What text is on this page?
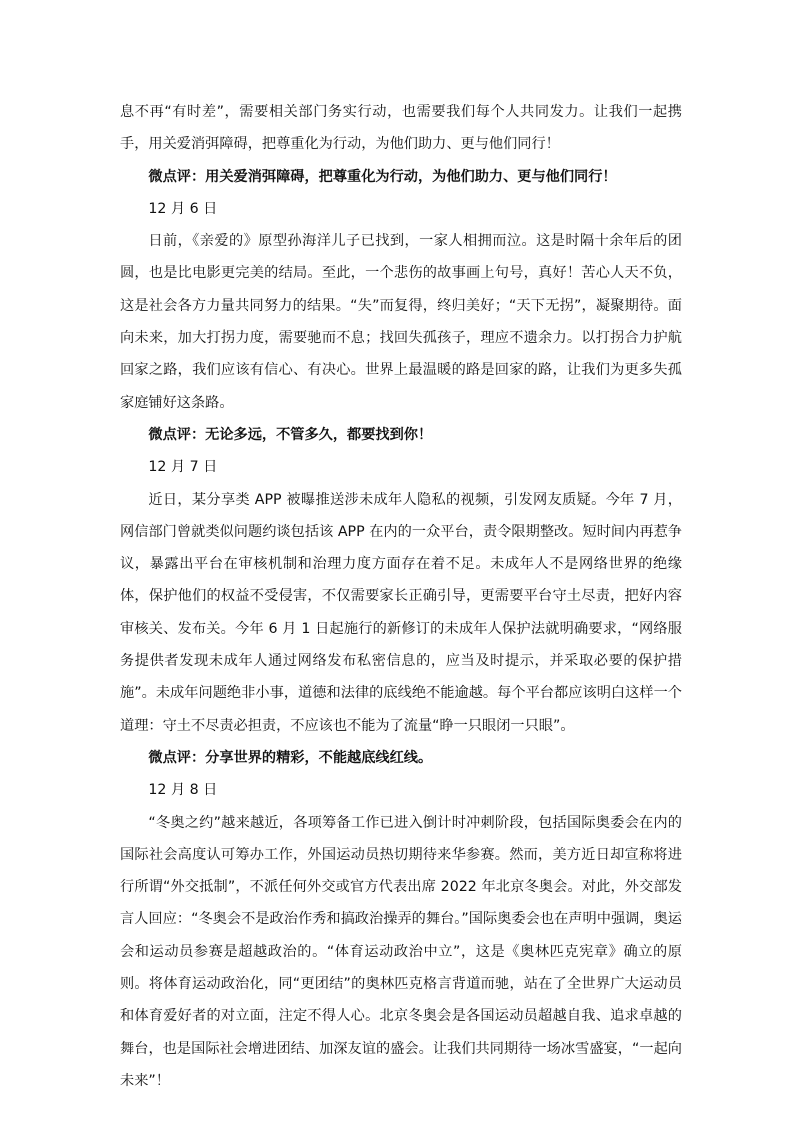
息不再“有时差”，需要相关部门务实行动，也需要我们每个人共同发力。让我们一起携手，用关爱消弭障碍，把尊重化为行动，为他们助力、更与他们同行！

微点评：用关爱消弭障碍，把尊重化为行动，为他们助力、更与他们同行！

12 月 6 日

日前，《亲爱的》原型孙海洋儿子已找到，一家人相拥而泣。这是时隔十余年后的团圆，也是比电影更完美的结局。至此，一个悲伤的故事画上句号，真好！苦心人天不负，这是社会各方力量共同努力的结果。“失”而复得，终归美好；“天下无拐”，凝聚期待。面向未来，加大打拐力度，需要驰而不息；找回失孤孩子，理应不遗余力。以打拐合力护航回家之路，我们应该有信心、有决心。世界上最温暖的路是回家的路，让我们为更多失孤家庭铺好这条路。

微点评：无论多远，不管多久，都要找到你！

12 月 7 日

近日，某分享类 APP 被曝推送涉未成年人隐私的视频，引发网友质疑。今年 7 月，网信部门曾就类似问题约谈包括该 APP 在内的一众平台，责令限期整改。短时间内再惹争议，暴露出平台在审核机制和治理力度方面存在着不足。未成年人不是网络世界的绝缘体，保护他们的权益不受侵害，不仅需要家长正确引导，更需要平台守土尽责，把好内容审核关、发布关。今年 6 月 1 日起施行的新修订的未成年人保护法就明确要求，“网络服务提供者发现未成年人通过网络发布私密信息的，应当及时提示，并采取必要的保护措施”。未成年问题绝非小事，道德和法律的底线绝不能逾越。每个平台都应该明白这样一个道理：守土不尽责必担责，不应该也不能为了流量“睁一只眼闭一只眼”。

微点评：分享世界的精彩，不能越底线红线。

12 月 8 日

“冬奥之约”越来越近，各项筹备工作已进入倒计时冲刺阶段，包括国际奥委会在内的国际社会高度认可筹办工作，外国运动员热切期待来华参赛。然而，美方近日却宣称将进行所谓“外交抵制”，不派任何外交或官方代表出席 2022 年北京冬奥会。对此，外交部发言人回应：“冬奥会不是政治作秀和搞政治操弄的舞台。”国际奥委会也在声明中强调，奥运会和运动员参赛是超越政治的。“体育运动政治中立”，这是《奥林匹克宪章》确立的原则。将体育运动政治化，同“更团结”的奥林匹克格言背道而驰，站在了全世界广大运动员和体育爱好者的对立面，注定不得人心。北京冬奥会是各国运动员超越自我、追求卓越的舞台，也是国际社会增进团结、加深友谊的盛会。让我们共同期待一场冰雪盛宴，“一起向未来”！
